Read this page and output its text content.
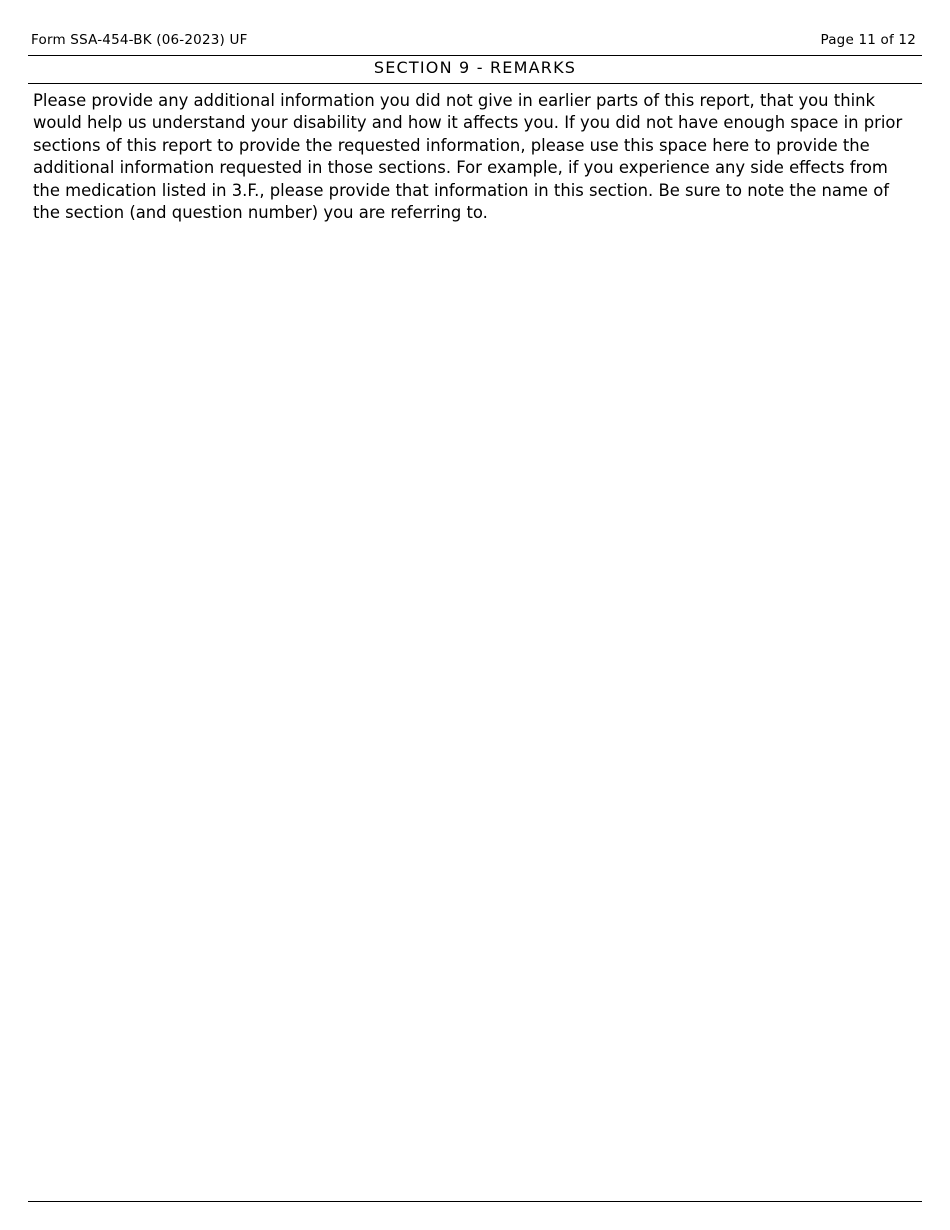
Form SSA-454-BK (06-2023) UF	Page 11 of 12
SECTION 9 - REMARKS

Please provide any additional information you did not give in earlier parts of this report, that you think would help us understand your disability and how it affects you. If you did not have enough space in prior sections of this report to provide the requested information, please use this space here to provide the additional information requested in those sections. For example, if you experience any side effects from the medication listed in 3.F., please provide that information in this section. Be sure to note the name of the section (and question number) you are referring to.
